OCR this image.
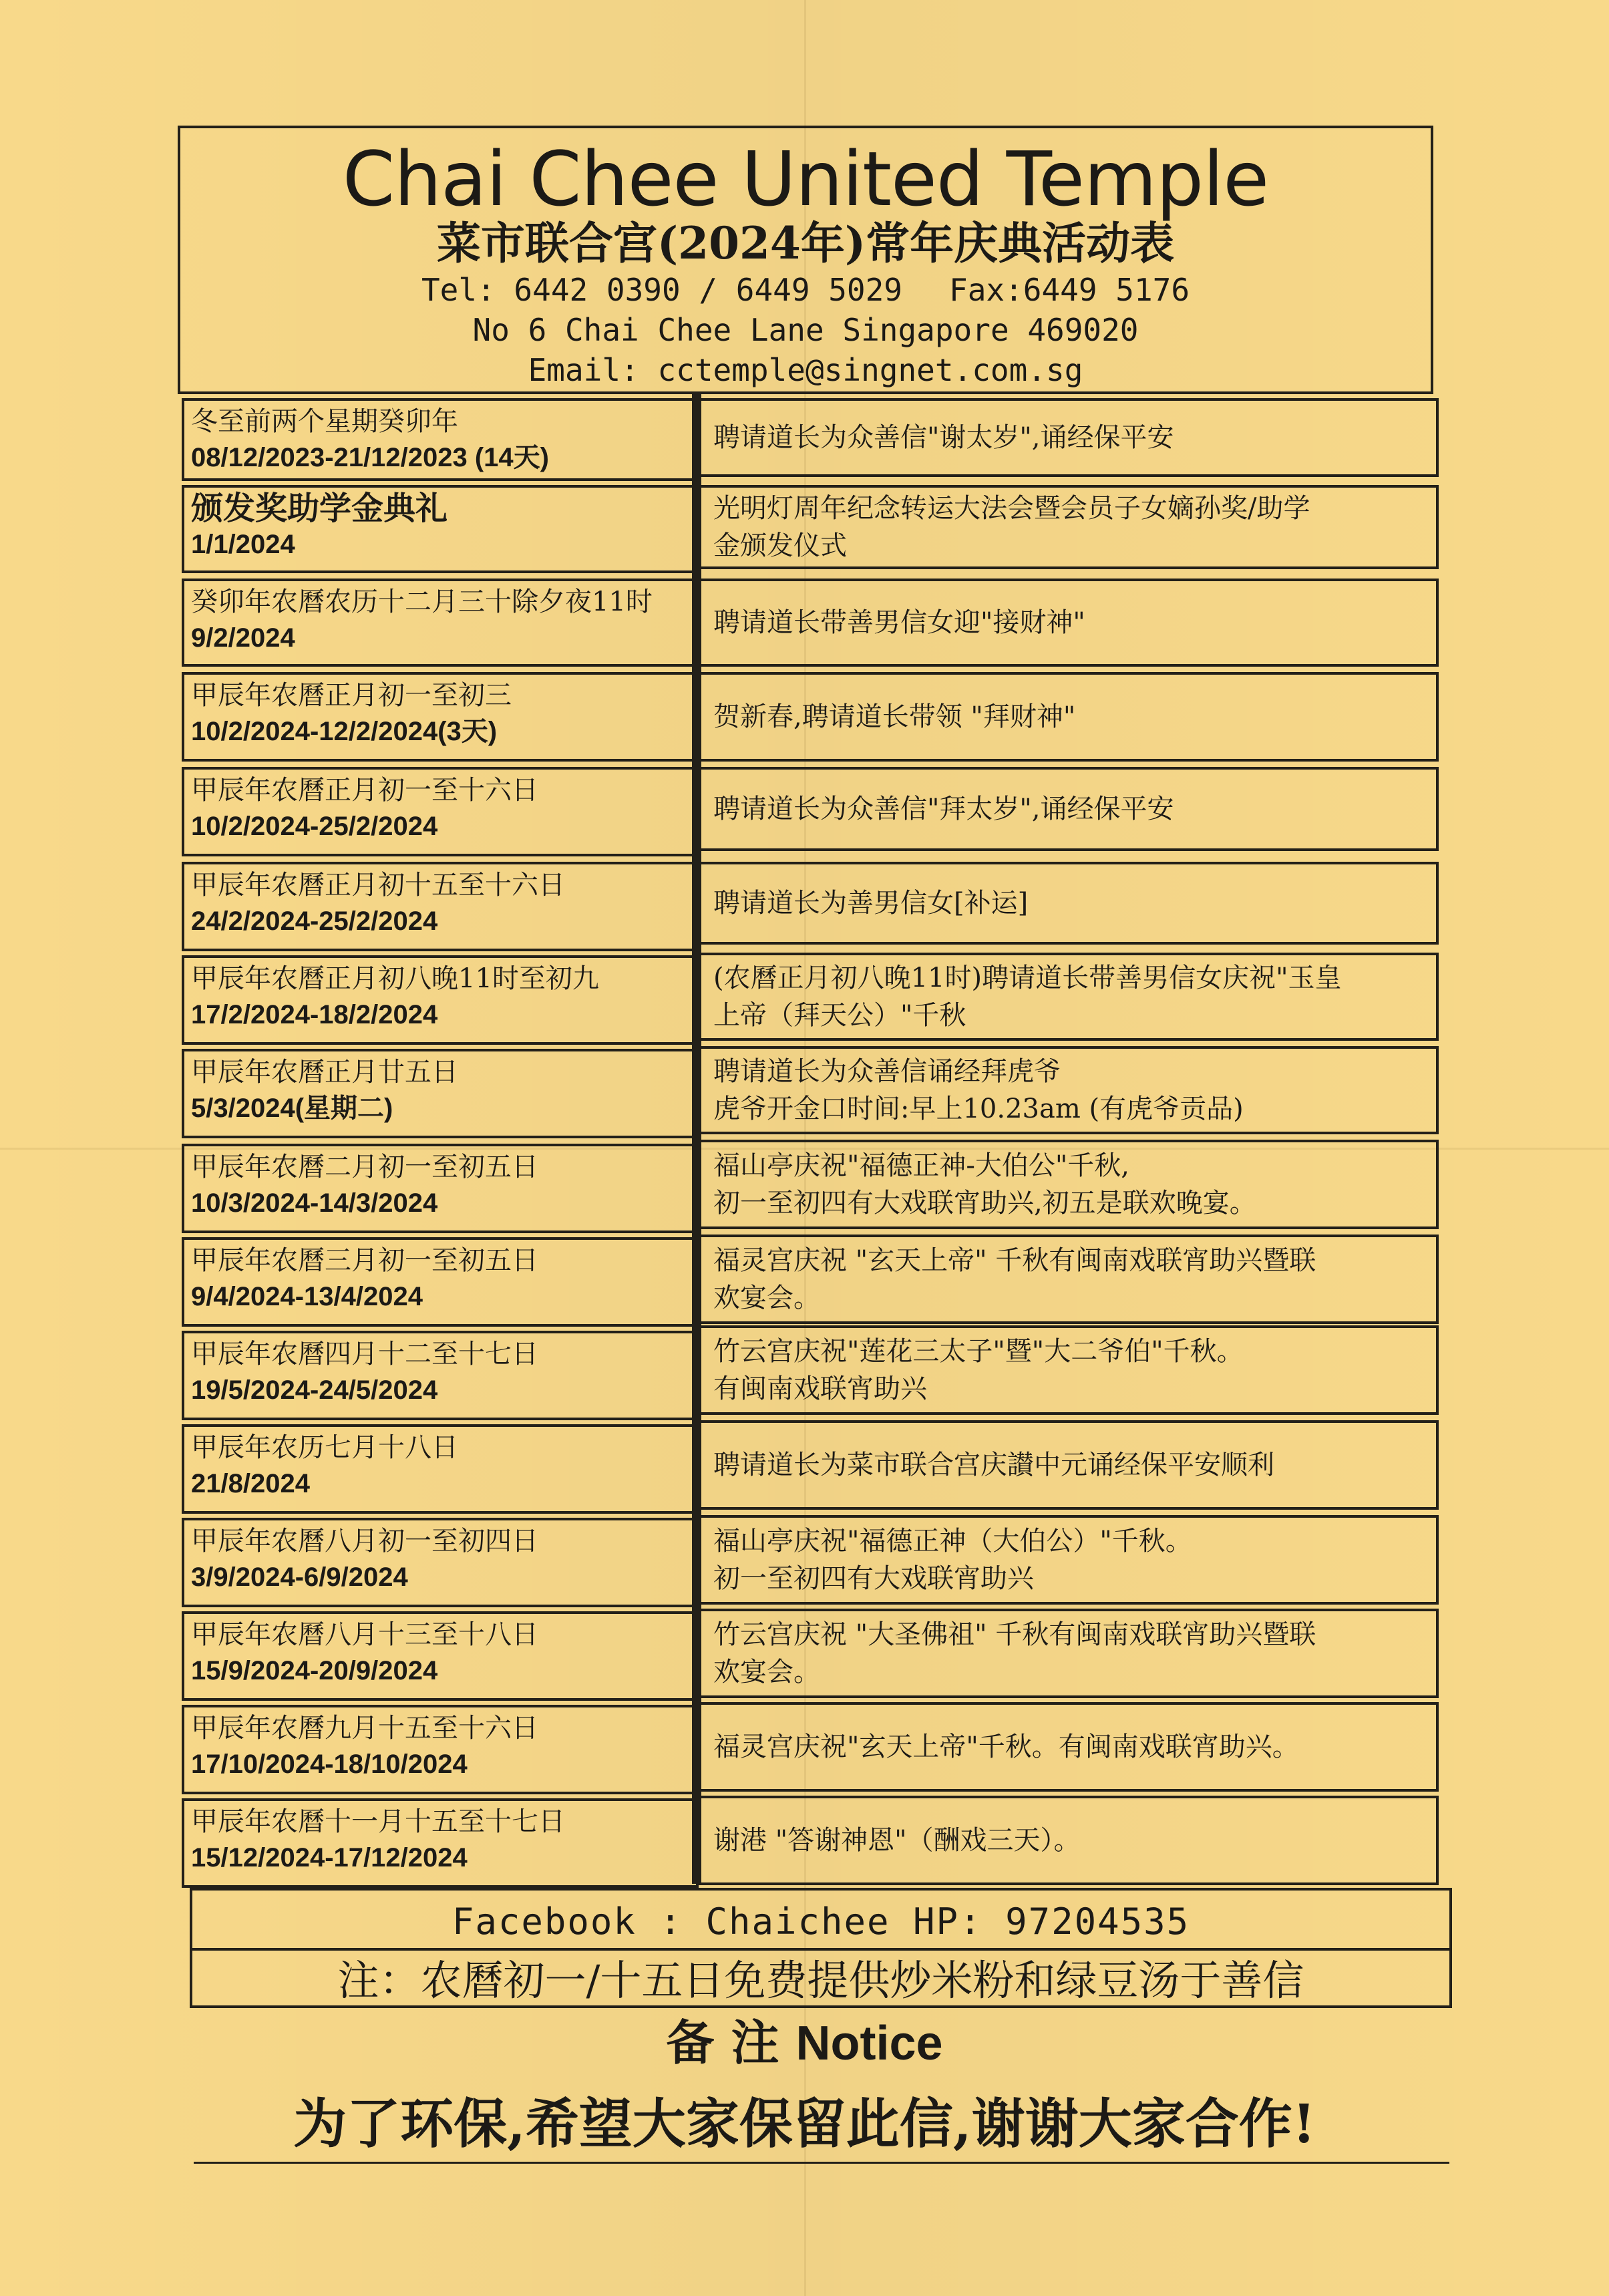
Chai Chee United Temple
菜市联合宫(2024年)常年庆典活动表
Tel: 6442 0390 / 6449 5029 Fax:6449 5176
No 6 Chai Chee Lane Singapore 469020
Email: cctemple@singnet.com.sg
冬至前两个星期癸卯年
08/12/2023-21/12/2023 (14天)
聘请道长为众善信"谢太岁",诵经保平安
颁发奖助学金典礼
1/1/2024
光明灯周年纪念转运大法会暨会员子女嫡孙奖/助学
金颁发仪式
癸卯年农曆农历十二月三十除夕夜11时
9/2/2024	聘请道长带善男信女迎"接财神"
甲辰年农曆正月初一至初三
10/2/2024-12/2/2024(3天)	贺新春,聘请道长带领 "拜财神"
甲辰年农曆正月初一至十六日
10/2/2024-25/2/2024
聘请道长为众善信"拜太岁",诵经保平安
甲辰年农曆正月初十五至十六日
24/2/2024-25/2/2024
聘请道长为善男信女[补运]
甲辰年农曆正月初八晚11时至初九
17/2/2024-18/2/2024
(农曆正月初八晚11时)聘请道长带善男信女庆祝"玉皇
上帝（拜天公）"千秋
甲辰年农曆正月廿五日
5/3/2024(星期二)
聘请道长为众善信诵经拜虎爷
虎爷开金口时间:早上10.23am (有虎爷贡品)
甲辰年农曆二月初一至初五日
10/3/2024-14/3/2024
福山亭庆祝"福德正神-大伯公"千秋,
初一至初四有大戏联宵助兴,初五是联欢晚宴。
甲辰年农曆三月初一至初五日
9/4/2024-13/4/2024
福灵宫庆祝 "玄天上帝" 千秋有闽南戏联宵助兴暨联
欢宴会。
甲辰年农曆四月十二至十七日
19/5/2024-24/5/2024
竹云宫庆祝"莲花三太子"暨"大二爷伯"千秋。
有闽南戏联宵助兴
甲辰年农历七月十八日
21/8/2024
聘请道长为菜市联合宫庆讃中元诵经保平安顺利
甲辰年农曆八月初一至初四日
3/9/2024-6/9/2024
福山亭庆祝"福德正神（大伯公）"千秋。
初一至初四有大戏联宵助兴
甲辰年农曆八月十三至十八日
15/9/2024-20/9/2024
竹云宫庆祝 "大圣佛祖" 千秋有闽南戏联宵助兴暨联
欢宴会。
甲辰年农曆九月十五至十六日
17/10/2024-18/10/2024
福灵宫庆祝"玄天上帝"千秋。有闽南戏联宵助兴。
甲辰年农曆十一月十五至十七日
15/12/2024-17/12/2024
谢港 "答谢神恩"（酬戏三天）。
Facebook : Chaichee HP: 97204535
注：农曆初一/十五日免费提供炒米粉和绿豆汤于善信
备 注 Notice
为了环保,希望大家保留此信,谢谢大家合作!
